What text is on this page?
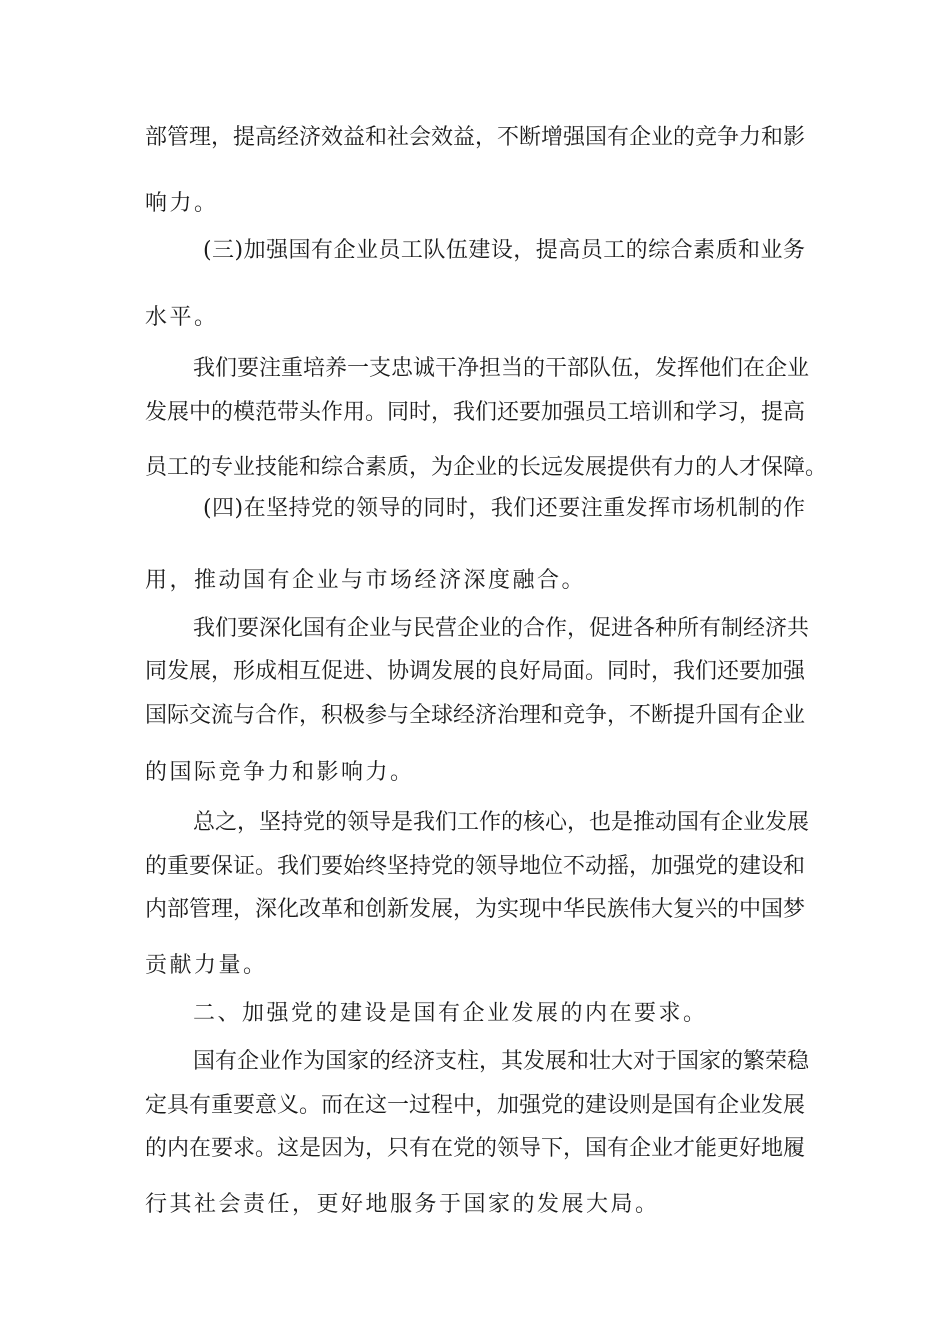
部管理，提高经济效益和社会效益，不断增强国有企业的竞争力和影
响力。
(三)加强国有企业员工队伍建设，提高员工的综合素质和业务
水平。
我们要注重培养一支忠诚干净担当的干部队伍，发挥他们在企业
发展中的模范带头作用。同时，我们还要加强员工培训和学习，提高
员工的专业技能和综合素质，为企业的长远发展提供有力的人才保障。
(四)在坚持党的领导的同时，我们还要注重发挥市场机制的作
用，推动国有企业与市场经济深度融合。
我们要深化国有企业与民营企业的合作，促进各种所有制经济共
同发展，形成相互促进、协调发展的良好局面。同时，我们还要加强
国际交流与合作，积极参与全球经济治理和竞争，不断提升国有企业
的国际竞争力和影响力。
总之，坚持党的领导是我们工作的核心，也是推动国有企业发展
的重要保证。我们要始终坚持党的领导地位不动摇，加强党的建设和
内部管理，深化改革和创新发展，为实现中华民族伟大复兴的中国梦
贡献力量。
二、加强党的建设是国有企业发展的内在要求。
国有企业作为国家的经济支柱，其发展和壮大对于国家的繁荣稳
定具有重要意义。而在这一过程中，加强党的建设则是国有企业发展
的内在要求。这是因为，只有在党的领导下，国有企业才能更好地履
行其社会责任，更好地服务于国家的发展大局。
